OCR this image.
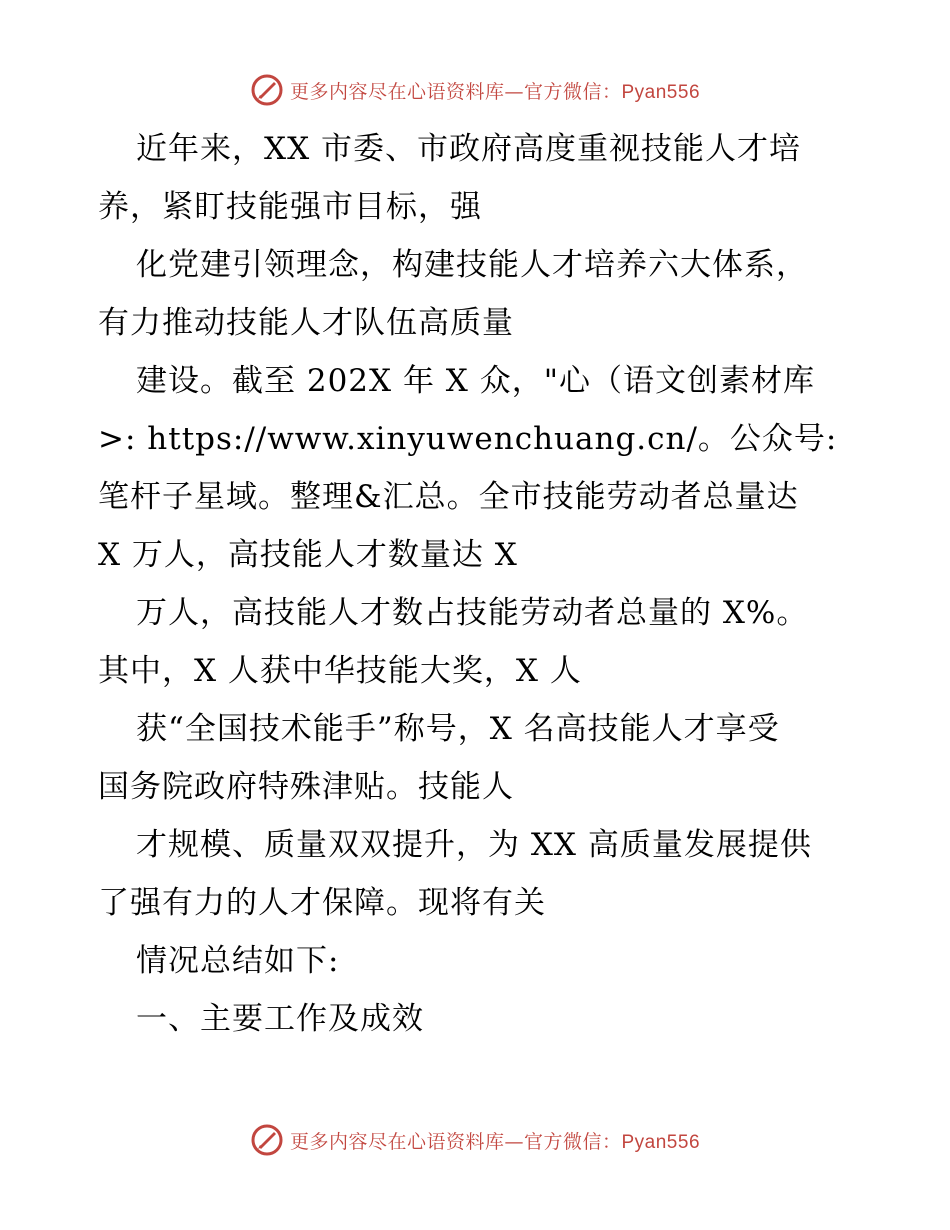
更多内容尽在心语资料库—官方微信：Pyan556
近年来，XX 市委、市政府高度重视技能人才培
养，紧盯技能强市目标，强
化党建引领理念，构建技能人才培养六大体系，
有力推动技能人才队伍高质量
建设。截至 202X 年 X 众，"心（语文创素材库
>: https://www.xinyuwenchuang.cn/。公众号:
笔杆子星域。整理&汇总。全市技能劳动者总量达
X 万人，高技能人才数量达 X
万人，高技能人才数占技能劳动者总量的 X%。
其中，X 人获中华技能大奖，X 人
获“全国技术能手”称号，X 名高技能人才享受
国务院政府特殊津贴。技能人
才规模、质量双双提升，为 XX 高质量发展提供
了强有力的人才保障。现将有关
情况总结如下:
一、主要工作及成效
更多内容尽在心语资料库—官方微信：Pyan556
